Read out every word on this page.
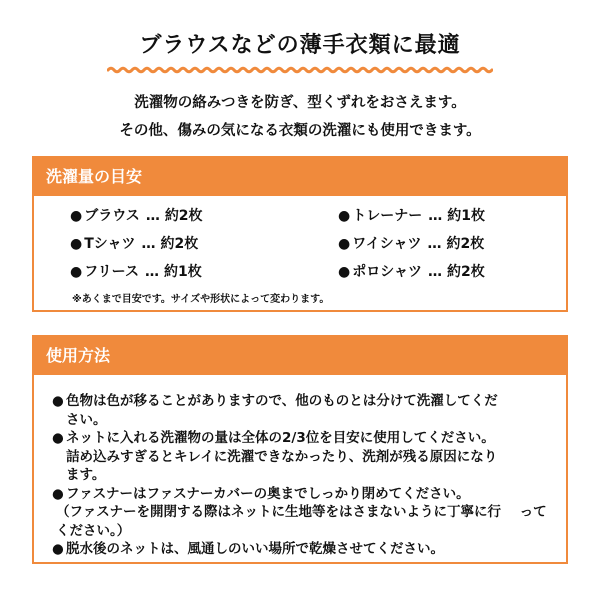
ブラウスなどの薄手衣類に最適
洗濯物の絡みつきを防ぎ、型くずれをおさえます。
その他、傷みの気になる衣類の洗濯にも使用できます。
洗濯量の目安
● ブラウス … 約2枚	● トレーナー … 約1枚
● Tシャツ … 約2枚	● ワイシャツ … 約2枚
● フリース … 約1枚	● ポロシャツ … 約2枚
※あくまで目安です。サイズや形状によって変わります。
使用方法

● 色物は色が移ることがありますので、他のものとは分けて洗濯してくだ
さい。

● ネットに入れる洗濯物の量は全体の2/3位を目安に使用してください。
詰め込みすぎるとキレイに洗濯できなかったり、洗剤が残る原因になり
ます。

● ファスナーはファスナーカバーの奥までしっかり閉めてください。

（ファスナーを開閉する際はネットに生地等をはさまないように丁寧に行 ってください。）

● 脱水後のネットは、風通しのいい場所で乾燥させてください。
